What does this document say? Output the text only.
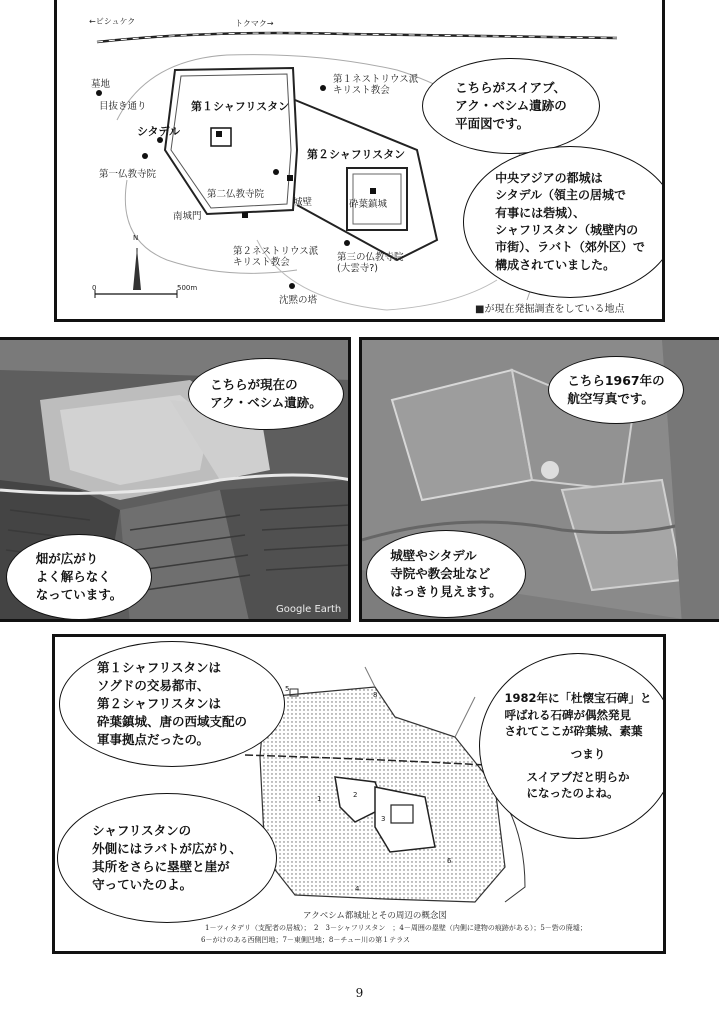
←ビシュケク	トクマク→
墓地
目抜き通り	第１シャフリスタン
シタデル
第一仏教寺院
第二仏教寺院
南城門
第２ネストリウス派
キリスト教会
第１ネストリウス派
キリスト教会
第２シャフリスタン
城壁	砕葉鎮城
第三の仏教寺院
(大雲寺?)
沈黙の塔
N
0	500m
■が現在発掘調査をしている地点
こちらがスイアブ、
アク・ベシム遺跡の
平面図です。
中央アジアの都城は
シタデル（領主の居城で
有事には砦城）、
シャフリスタン（城壁内の
市街）、ラバト（郊外区）で
構成されていました。
こちらが現在の
アク・ベシム遺跡。
畑が広がり
よく解らなく
なっています。
Google Earth
こちら1967年の
航空写真です。
城壁やシタデル
寺院や教会址など
はっきり見えます。
1	2
3
4
5
6
8
第１シャフリスタンは
ソグドの交易都市、
第２シャフリスタンは
砕葉鎮城、唐の西域支配の
軍事拠点だったの。
1982年に「杜懐宝石碑」と
呼ばれる石碑が偶然発見
されてここが砕葉城、素葉
つまり
スイアブだと明らか
になったのよね。
シャフリスタンの
外側にはラバトが広がり、
其所をさらに塁壁と崖が
守っていたのよ。
アクベシム都城址とその周辺の概念図
1－ツィタデリ（支配者の居城）；　2　3－シャフリスタン　；4－周囲の塁壁（内側に建物の痕跡がある）；5－砦の廃墟；
6－がけのある西側凹地；7－東側凹地；8－チュー川の第１テラス
9
